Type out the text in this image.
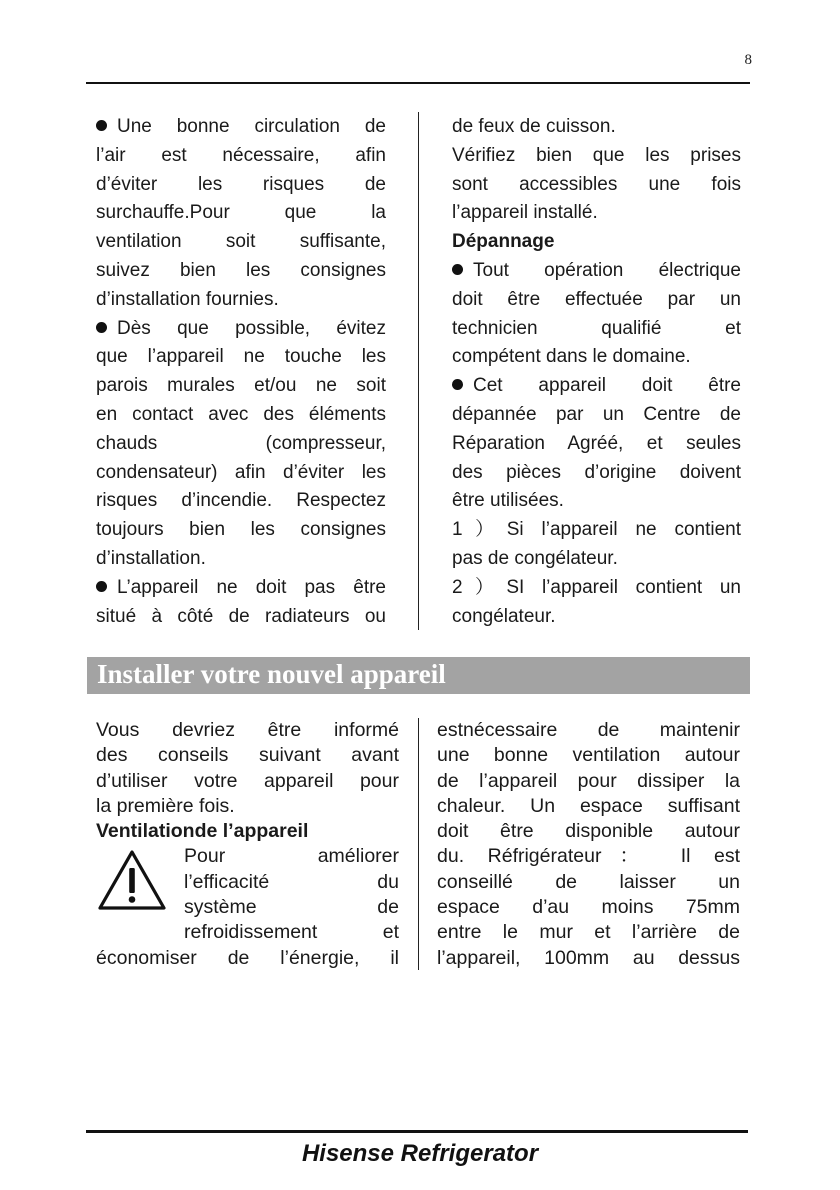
8
Une bonne circulation de
l’air est nécessaire, afin
d’éviter les risques de
surchauffe.Pour que la
ventilation soit suffisante,
suivez bien les consignes
d’installation fournies.
Dès que possible, évitez
que l’appareil ne touche les
parois murales et/ou ne soit
en contact avec des éléments
chauds (compresseur,
condensateur) afin d’éviter les
risques d’incendie. Respectez
toujours bien les consignes
d’installation.
L’appareil ne doit pas être
situé à côté de radiateurs ou
de feux de cuisson.
Vérifiez bien que les prises
sont accessibles une fois
l’appareil installé.
Dépannage
Tout opération électrique
doit être effectuée par un
technicien qualifié et
compétent dans le domaine.
Cet appareil doit être
dépannée par un Centre de
Réparation Agréé, et seules
des pièces d’origine doivent
être utilisées.
1）Si l’appareil ne contient
pas de congélateur.
2）SI l’appareil contient un
congélateur.
Installer votre nouvel appareil
Vous devriez être informé
des conseils suivant avant
d’utiliser votre appareil pour
la première fois.
Ventilationde l’appareil
Pour améliorer
l’efficacité du
système de
refroidissement et
économiser de l’énergie, il
estnécessaire de maintenir
une bonne ventilation autour
de l’appareil pour dissiper la
chaleur. Un espace suffisant
doit être disponible autour
du. Réfrigérateur： Il est
conseillé de laisser un
espace d’au moins 75mm
entre le mur et l’arrière de
l’appareil, 100mm au dessus
Hisense Refrigerator
